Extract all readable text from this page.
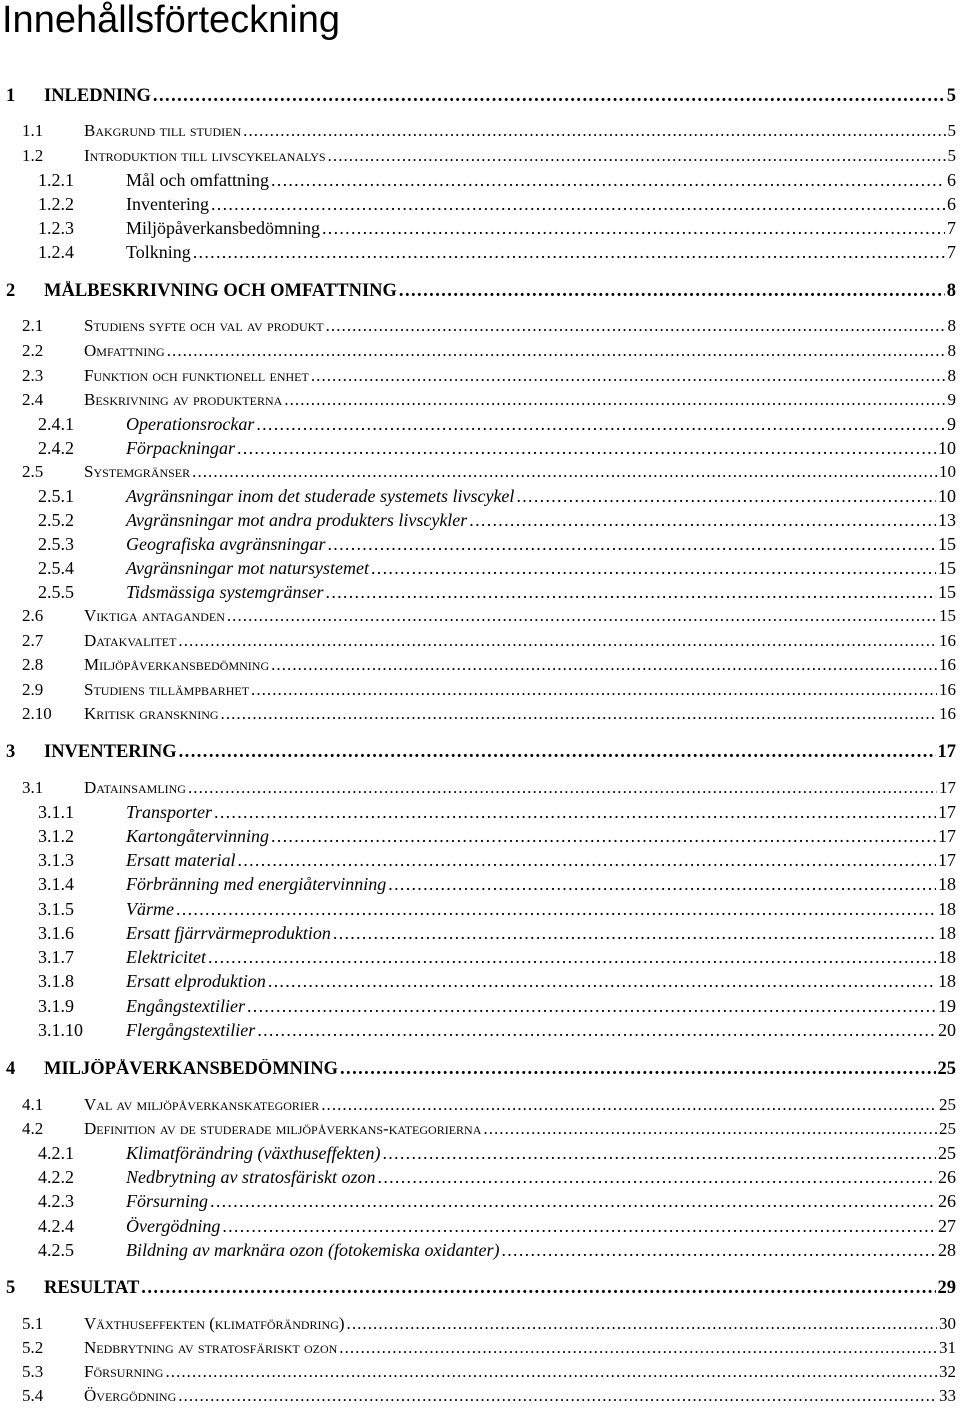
Innehållsförteckning
1	INLEDNING . . .	5
1.1	Bakgrund till studien . . .	5
1.2	Introduktion till livscykelanalys . . .	5
1.2.1	Mål och omfattning . . .	6
1.2.2	Inventering . . .	6
1.2.3	Miljöpåverkansbedömning . . .	7
1.2.4	Tolkning . . .	7
2	MÅLBESKRIVNING OCH OMFATTNING . . .	8
2.1	Studiens syfte och val av produkt . . .	8
2.2	Omfattning . . .	8
2.3	Funktion och funktionell enhet . . .	8
2.4	Beskrivning av produkterna . . .	9
2.4.1	Operationsrockar . . .	9
2.4.2	Förpackningar . . .	10
2.5	Systemgränser . . .	10
2.5.1	Avgränsningar inom det studerade systemets livscykel . . .	10
2.5.2	Avgränsningar mot andra produkters livscykler . . .	13
2.5.3	Geografiska avgränsningar . . .	15
2.5.4	Avgränsningar mot natursystemet . . .	15
2.5.5	Tidsmässiga systemgränser . . .	15
2.6	Viktiga antaganden . . .	15
2.7	Datakvalitet . . .	16
2.8	Miljöpåverkansbedömning . . .	16
2.9	Studiens tillämpbarhet . . .	16
2.10	Kritisk granskning . . .	16
3	INVENTERING . . .	17
3.1	Datainsamling . . .	17
3.1.1	Transporter . . .	17
3.1.2	Kartongåtervinning . . .	17
3.1.3	Ersatt material . . .	17
3.1.4	Förbränning med energiåtervinning . . .	18
3.1.5	Värme . . .	18
3.1.6	Ersatt fjärrvärmeproduktion . . .	18
3.1.7	Elektricitet . . .	18
3.1.8	Ersatt elproduktion . . .	18
3.1.9	Engångstextilier . . .	19
3.1.10	Flergångstextilier . . .	20
4	MILJÖPÅVERKANSBEDÖMNING . . .	25
4.1	Val av miljöpåverkanskategorier . . .	25
4.2	Definition av de studerade miljöpåverkans-kategorierna . . .	25
4.2.1	Klimatförändring (växthuseffekten) . . .	25
4.2.2	Nedbrytning av stratosfäriskt ozon . . .	26
4.2.3	Försurning . . .	26
4.2.4	Övergödning . . .	27
4.2.5	Bildning av marknära ozon (fotokemiska oxidanter) . . .	28
5	RESULTAT . . .	29
5.1	Växthuseffekten (klimatförändring) . . .	30
5.2	Nedbrytning av stratosfäriskt ozon . . .	31
5.3	Försurning . . .	32
5.4	Övergödning . . .	33
